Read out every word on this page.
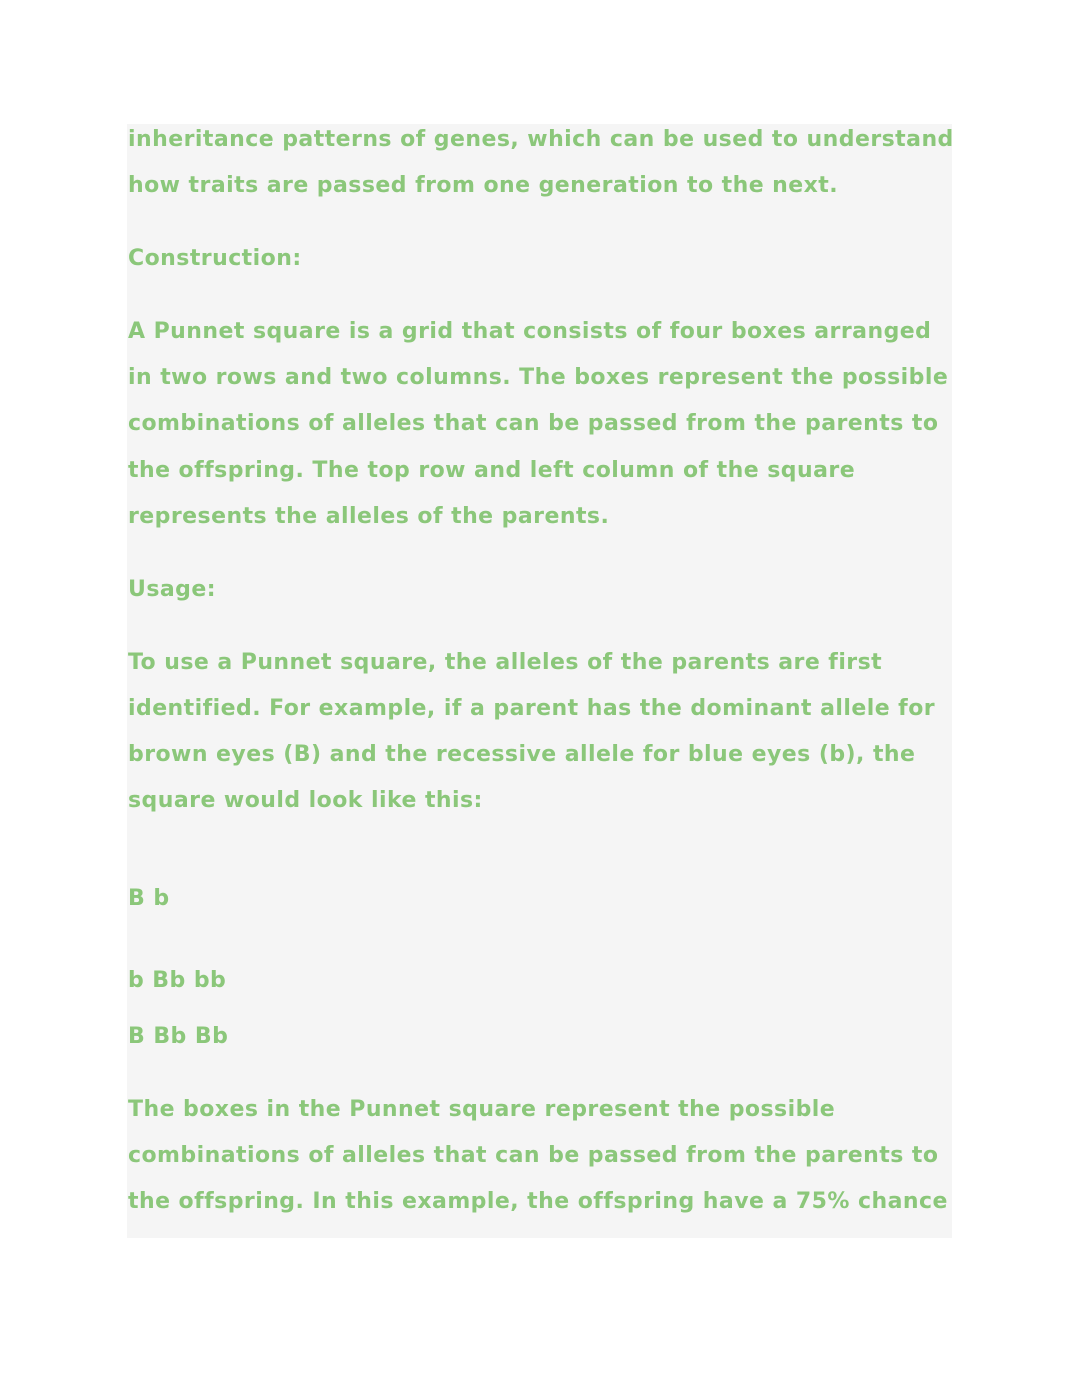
inheritance patterns of genes, which can be used to understand
how traits are passed from one generation to the next.
Construction:
A Punnet square is a grid that consists of four boxes arranged
in two rows and two columns. The boxes represent the possible
combinations of alleles that can be passed from the parents to
the offspring. The top row and left column of the square
represents the alleles of the parents.
Usage:
To use a Punnet square, the alleles of the parents are first
identified. For example, if a parent has the dominant allele for
brown eyes (B) and the recessive allele for blue eyes (b), the
square would look like this:
B b
b Bb bb
B Bb Bb
The boxes in the Punnet square represent the possible
combinations of alleles that can be passed from the parents to
the offspring. In this example, the offspring have a 75% chance
